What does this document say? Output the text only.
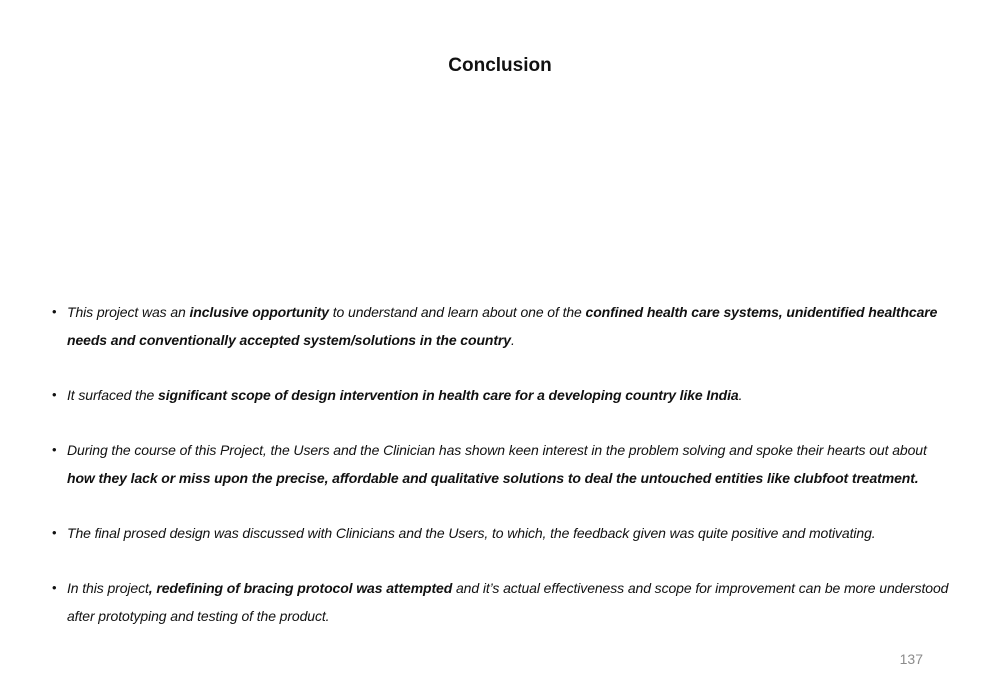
Conclusion
• This project was an inclusive opportunity to understand and learn about one of the confined health care systems, unidentified healthcare needs and conventionally accepted system/solutions in the country.
• It surfaced the significant scope of design intervention in health care for a developing country like India.
• During the course of this Project, the Users and the Clinician has shown keen interest in the problem solving and spoke their hearts out about how they lack or miss upon the precise, affordable and qualitative solutions to deal the untouched entities like clubfoot treatment.
• The final prosed design was discussed with Clinicians and the Users, to which, the feedback given was quite positive and motivating.
• In this project, redefining of bracing protocol was attempted and it’s actual effectiveness and scope for improvement can be more understood after prototyping and testing of the product.
137
